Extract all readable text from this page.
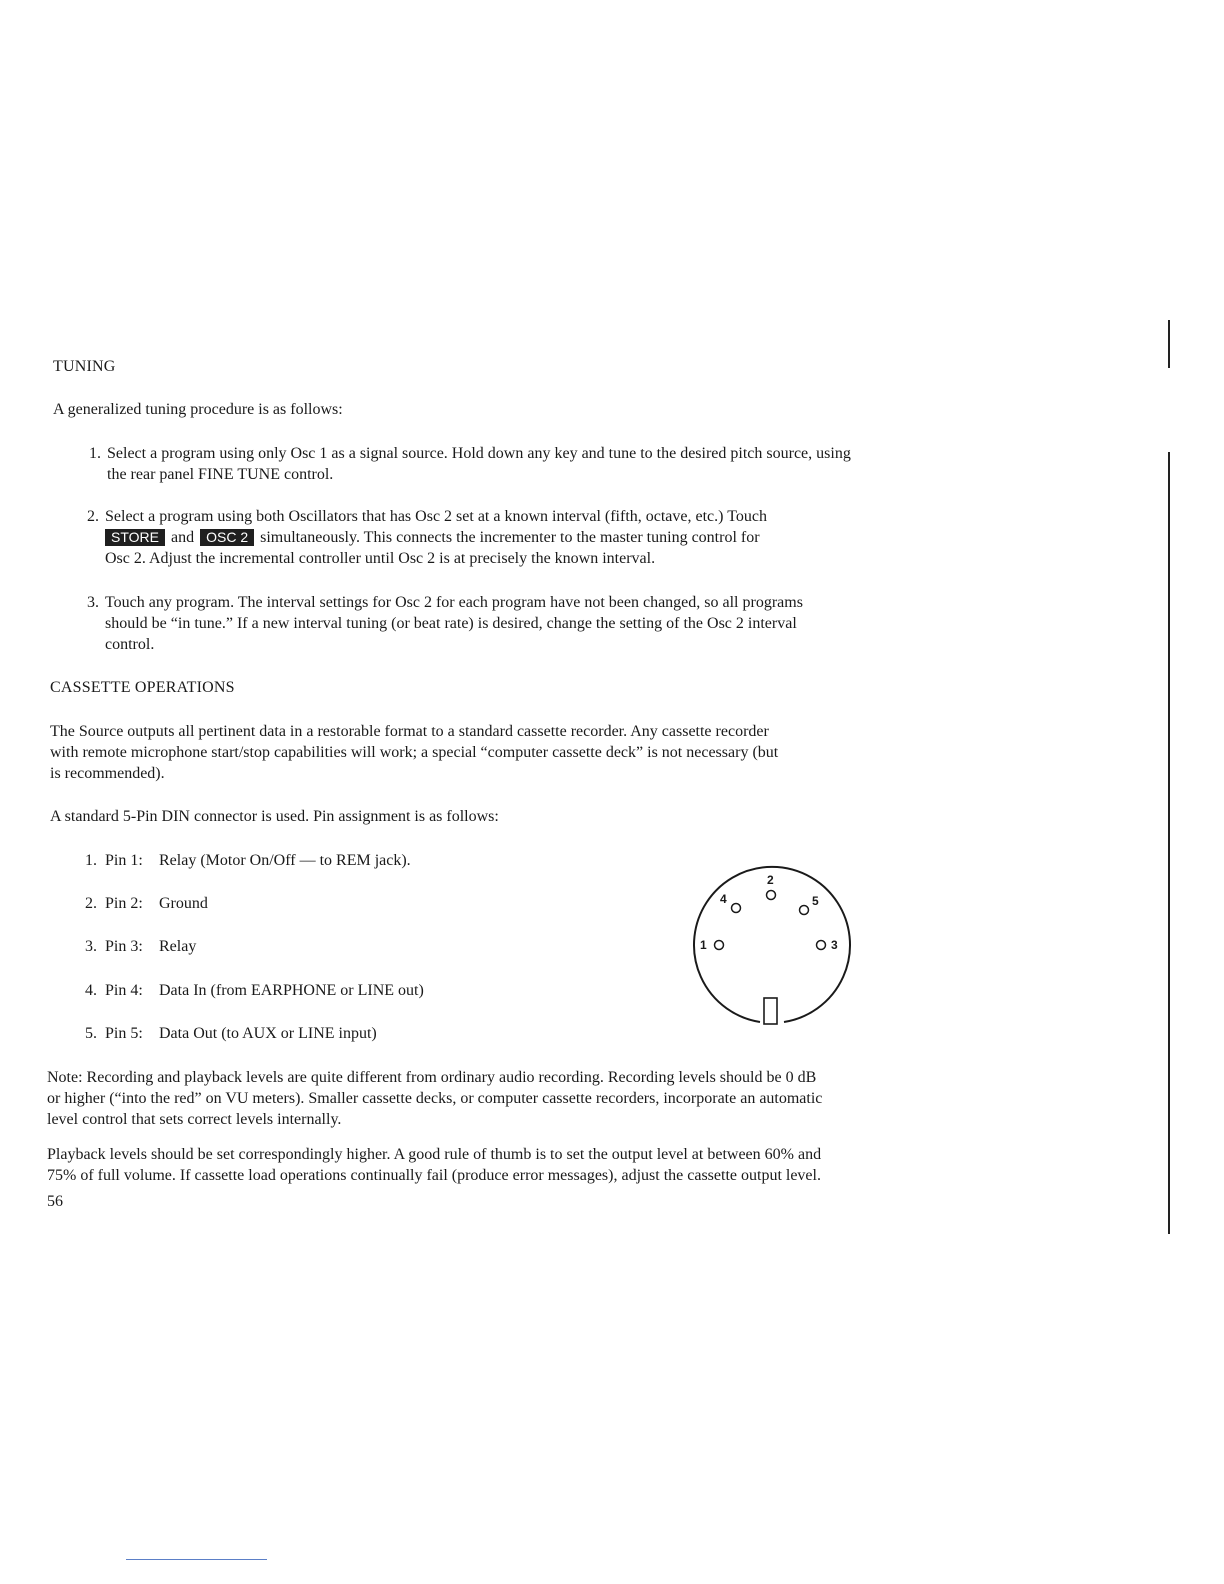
TUNING
A generalized tuning procedure is as follows:
1. Select a program using only Osc 1 as a signal source. Hold down any key and tune to the desired pitch source, using
the rear panel FINE TUNE control.
2. Select a program using both Oscillators that has Osc 2 set at a known interval (fifth, octave, etc.) Touch
STORE and OSC 2 simultaneously. This connects the incrementer to the master tuning control for
Osc 2. Adjust the incremental controller until Osc 2 is at precisely the known interval.
3. Touch any program. The interval settings for Osc 2 for each program have not been changed, so all programs
should be “in tune.” If a new interval tuning (or beat rate) is desired, change the setting of the Osc 2 interval
control.
CASSETTE OPERATIONS
The Source outputs all pertinent data in a restorable format to a standard cassette recorder. Any cassette recorder
with remote microphone start/stop capabilities will work; a special “computer cassette deck” is not necessary (but
is recommended).
A standard 5-Pin DIN connector is used. Pin assignment is as follows:
1. Pin 1: Relay (Motor On/Off — to REM jack).
2. Pin 2: Ground
3. Pin 3: Relay
4. Pin 4: Data In (from EARPHONE or LINE out)
5. Pin 5: Data Out (to AUX or LINE input)
2
4	5
1	3
Note: Recording and playback levels are quite different from ordinary audio recording. Recording levels should be 0 dB
or higher (“into the red” on VU meters). Smaller cassette decks, or computer cassette recorders, incorporate an automatic
level control that sets correct levels internally.
Playback levels should be set correspondingly higher. A good rule of thumb is to set the output level at between 60% and
75% of full volume. If cassette load operations continually fail (produce error messages), adjust the cassette output level.
56
